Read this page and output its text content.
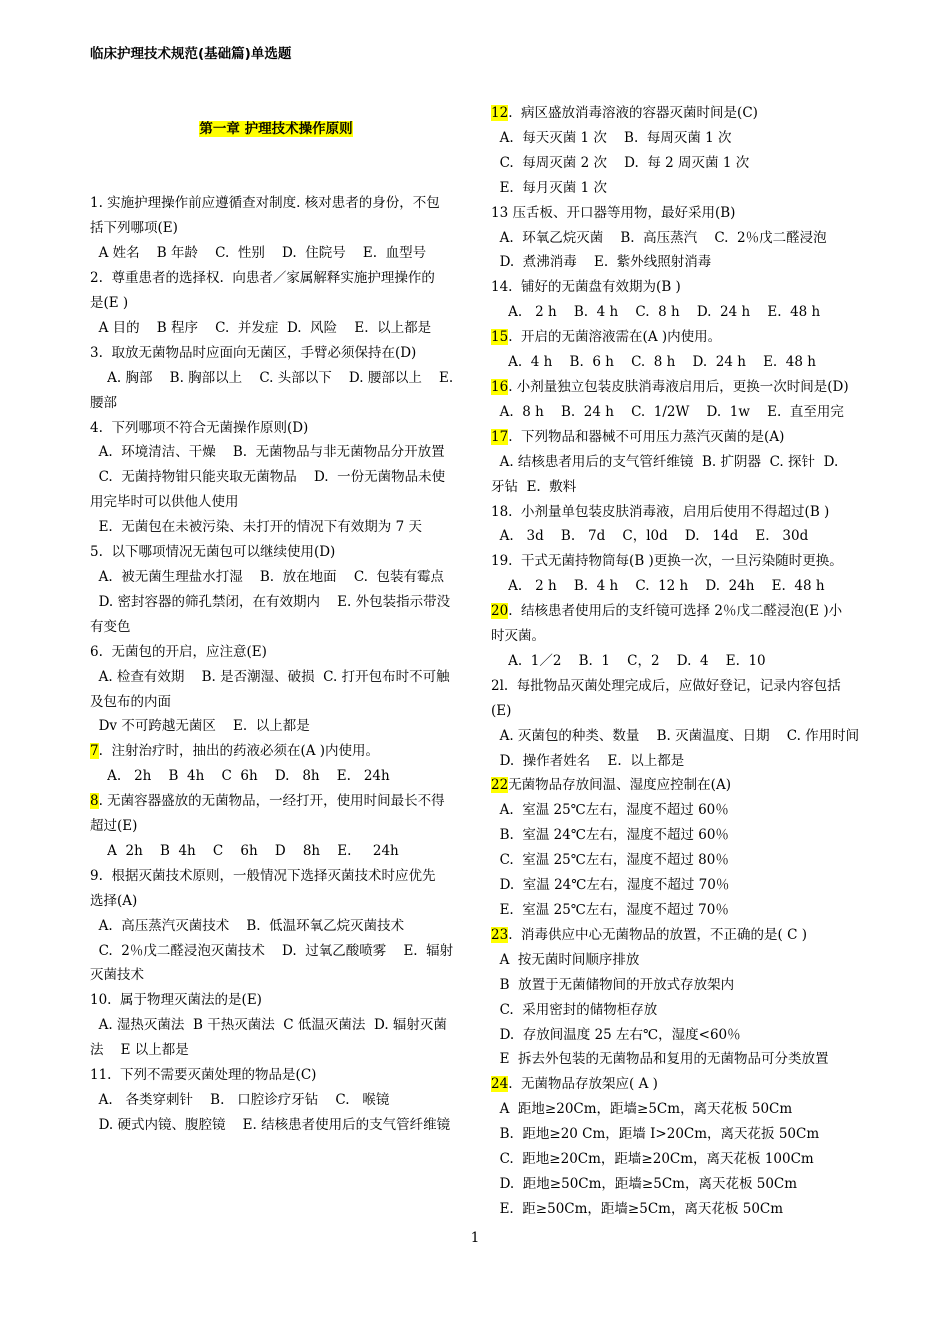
临床护理技术规范(基础篇)单选题
第一章 护理技术操作原则
1. 实施护理操作前应遵循查对制度. 核对患者的身份，不包
括下列哪项(E)
A 姓名    B 年龄    C.  性别    D.  住院号    E.  血型号
2.  尊重患者的选择权.  向患者／家属解释实施护理操作的
是(E )
A 目的    B 程序    C.  并发症  D.  风险    E.  以上都是
3.  取放无菌物品时应面向无菌区，手臂必须保持在(D)
A. 胸部    B. 胸部以上    C. 头部以下    D. 腰部以上    E.
腰部
4.  下列哪项不符合无菌操作原则(D)
A.  环境清洁、干燥    B.  无菌物品与非无菌物品分开放置
C.  无菌持物钳只能夹取无菌物品    D.  一份无菌物品未使
用完毕时可以供他人使用
E.  无菌包在未被污染、未打开的情况下有效期为 7 天
5.  以下哪项情况无菌包可以继续使用(D)
A.  被无菌生理盐水打湿    B.  放在地面    C.  包装有霉点
D. 密封容器的筛孔禁闭，在有效期内    E. 外包装指示带没
有变色
6.  无菌包的开启，应注意(E)
A. 检查有效期    B. 是否潮湿、破损  C. 打开包布时不可触
及包布的内面
Dv 不可跨越无菌区    E.  以上都是
7.  注射治疗时，抽出的药液必须在(A )内使用。
A.   2h    B  4h    C  6h    D.   8h    E.   24h
8. 无菌容器盛放的无菌物品，一经打开，使用时间最长不得
超过(E)
A  2h    B  4h    C    6h    D    8h    E.     24h
9.  根据灭菌技术原则，一般情况下选择灭菌技术时应优先
选择(A)
A.  高压蒸汽灭菌技术    B.  低温环氧乙烷灭菌技术
C.  2％戊二醛浸泡灭菌技术    D.  过氧乙酸喷雾    E.  辐射
灭菌技术
10.  属于物理灭菌法的是(E)
A. 湿热灭菌法  B 干热灭菌法  C 低温灭菌法  D. 辐射灭菌
法    E 以上都是
11.  下列不需要灭菌处理的物品是(C)
A.   各类穿刺针    B.   口腔诊疗牙钻    C.   喉镜
D. 硬式内镜、腹腔镜    E. 结核患者使用后的支气管纤维镜
12.  病区盛放消毒溶液的容器灭菌时间是(C)
A.  每天灭菌 1 次    B.  每周灭菌 1 次
C.  每周灭菌 2 次    D.  每 2 周灭菌 1 次
E.  每月灭菌 1 次
13 压舌板、开口器等用物，最好采用(B)
A.  环氧乙烷灭菌    B.  高压蒸汽    C.  2％戊二醛浸泡
D.  煮沸消毒    E.  紫外线照射消毒
14.  铺好的无菌盘有效期为(B )
A.   2 h    B.  4 h    C.  8 h    D.  24 h    E.  48 h
15.  开启的无菌溶液需在(A )内使用。
A.  4 h    B.  6 h    C.  8 h    D.  24 h    E.  48 h
16. 小剂量独立包装皮肤消毒液启用后，更换一次时间是(D)
A.  8 h    B.  24 h    C.  1/2W    D.  1w    E.  直至用完
17.  下列物品和器械不可用压力蒸汽灭菌的是(A)
A. 结核患者用后的支气管纤维镜  B. 扩阴器  C. 探针  D.
牙钻  E.  敷料
18.  小剂量单包装皮肤消毒液，启用后使用不得超过(B )
A.   3d    B.   7d    C，l0d    D.   14d    E.   30d
19.  干式无菌持物筒每(B )更换一次，一旦污染随时更换。
A.   2 h    B.  4 h    C.  12 h    D.  24h    E.  48 h
20.  结核患者使用后的支纤镜可选择 2％戊二醛浸泡(E )小
时灭菌。
A.  1／2    B.  1    C，2    D.  4    E.  10
2l.  每批物品灭菌处理完成后，应做好登记，记录内容包括
(E)
A. 灭菌包的种类、数量    B. 灭菌温度、日期    C. 作用时间
D.  操作者姓名    E.  以上都是
22无菌物品存放间温、湿度应控制在(A)
A.  室温 25℃左右，湿度不超过 60％
B.  室温 24℃左右，湿度不超过 60％
C.  室温 25℃左右，湿度不超过 80％
D.  室温 24℃左右，湿度不超过 70％
E.  室温 25℃左右，湿度不超过 70％
23.  消毒供应中心无菌物品的放置，不正确的是( C )
A  按无菌时间顺序排放
B  放置于无菌储物间的开放式存放架内
C.  采用密封的储物柜存放
D.  存放间温度 25 左右℃，湿度<60％
E  拆去外包装的无菌物品和复用的无菌物品可分类放置
24.  无菌物品存放架应( A )
A  距地≥20Cm，距墙≥5Cm，离天花板 50Cm
B.  距地≥20 Cm，距墙 I>20Cm，离天花扳 50Cm
C.  距地≥20Cm，距墙≥20Cm，离天花板 100Cm
D.  距地≥50Cm，距墙≥5Cm，离天花板 50Cm
E.  距≥50Cm，距墙≥5Cm，离天花板 50Cm
1
